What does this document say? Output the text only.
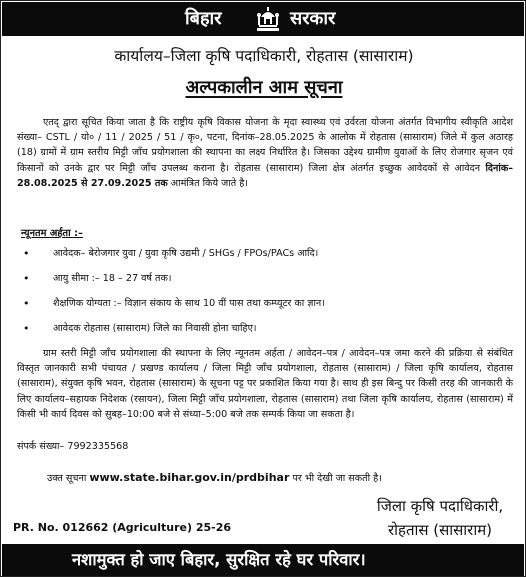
बिहार	सरकार
कार्यालय–जिला कृषि पदाधिकारी, रोहतास (सासाराम)
अल्पकालीन आम सूचना

एतद् द्वारा सूचित किया जाता है कि राष्ट्रीय कृषि विकास योजना के मृदा स्वास्थ्य एवं उर्वरता योजना अंतर्गत विभागीय स्वीकृति आदेश संख्या– CSTL / यो० / 11 / 2025 / 51 / कृ०, पटना, दिनांक–28.05.2025 के आलोक में रोहतास (सासाराम) जिले में कुल अठारह (18) ग्रामों में ग्राम स्तरीय मिट्टी जाँच प्रयोगशाला की स्थापना का लक्ष्य निर्धारित है। जिसका उद्देश्य ग्रामीण युवाओं के लिए रोजगार सृजन एवं किसानों को उनके द्वार पर मिट्टी जाँच उपलब्ध कराना है। रोहतास (सासाराम) जिला क्षेत्र अंतर्गत इच्छुक आवेदकों से आवेदन दिनांक–28.08.2025 से 27.09.2025 तक आमंत्रित किये जाते है।

न्यूनतम अर्हता :–
• आवेदक– बेरोजगार युवा / युवा कृषि उद्यमी / SHGs / FPOs/PACs आदि।
• आयु सीमा :– 18 – 27 वर्ष तक।
• शैक्षणिक योग्यता :– विज्ञान संकाय के साथ 10 वीं पास तथा कम्प्यूटर का ज्ञान।
• आवेदक रोहतास (सासाराम) जिले का निवासी होना चाहिए।

ग्राम स्तरी मिट्टी जाँच प्रयोगशाला की स्थापना के लिए न्यूनतम अर्हता / आवेदन–पत्र / आवेदन–पत्र जमा करने की प्रक्रिया से संबंधित विस्तृत जानकारी सभी पंचायत / प्रखण्ड कार्यालय / जिला मिट्टी जाँच प्रयोगशाला, रोहतास (सासाराम) / जिला कृषि कार्यालय, रोहतास (सासाराम), संयुक्त कृषि भवन, रोहतास (सासाराम) के सूचना पट्ट पर प्रकाशित किया गया है। साथ ही इस बिन्दु पर किसी तरह की जानकारी के लिए कार्यालय–सहायक निदेशक (रसायन), जिला मिट्टी जाँच प्रयोगशाला, रोहतास (सासाराम) तथा जिला कृषि कार्यालय, रोहतास (सासाराम) में किसी भी कार्य दिवस को सुबह–10:00 बजे से संध्या–5:00 बजे तक सम्पर्क किया जा सकता है।

संपर्क संख्या– 7992335568
उक्त सूचना www.state.bihar.gov.in/prdbihar पर भी देखी जा सकती है।
जिला कृषि पदाधिकारी,
रोहतास (सासाराम)
PR. No. 012662 (Agriculture) 25-26
नशामुक्त हो जाए बिहार, सुरक्षित रहे घर परिवार।
